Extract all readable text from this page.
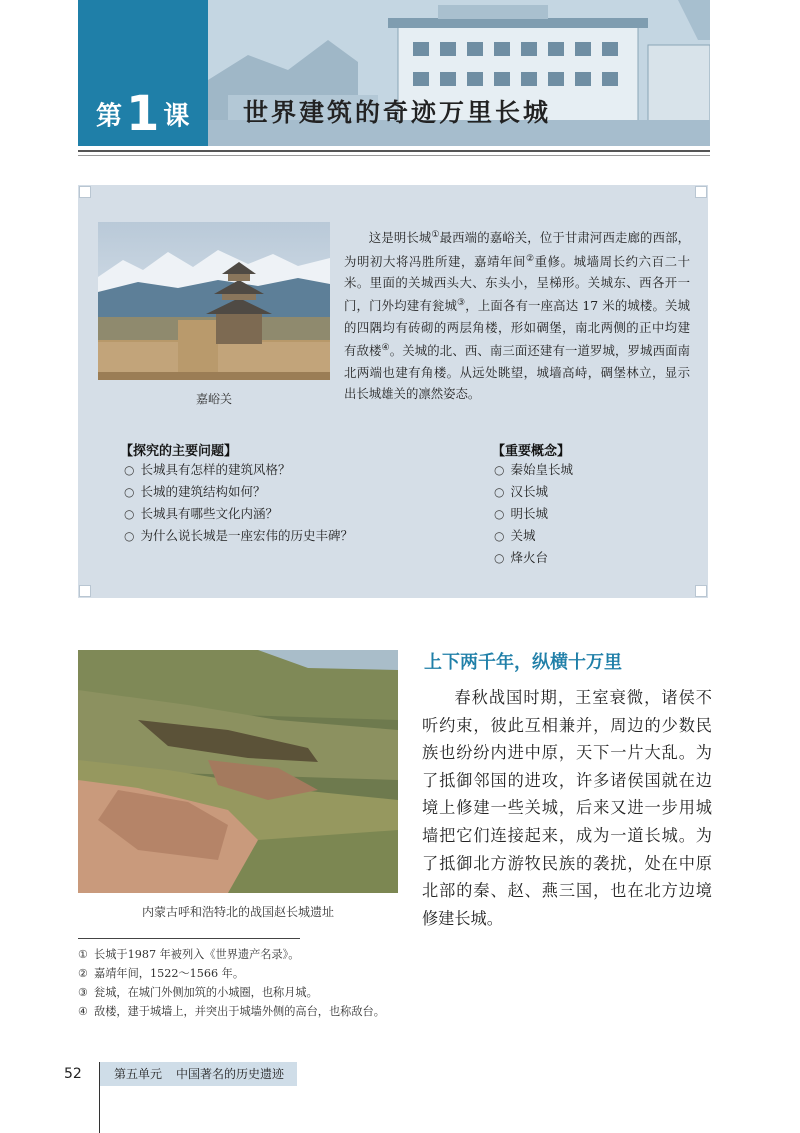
第1 课 世界建筑的奇迹万里长城
嘉峪关

这是明长城①最西端的嘉峪关，位于甘肃河西走廊的西部，为明初大将冯胜所建，嘉靖年间②重修。城墙周长约六百二十米。里面的关城西头大、东头小，呈梯形。关城东、西各开一门，门外均建有瓮城③，上面各有一座高达 17 米的城楼。关城的四隅均有砖砌的两层角楼，形如碉堡，南北两侧的正中均建有敌楼④。关城的北、西、南三面还建有一道罗城，罗城西面南北两端也建有角楼。从远处眺望，城墙高峙，碉堡林立，显示出长城雄关的凛然姿态。

【探究的主要问题】
○ 长城具有怎样的建筑风格？
○ 长城的建筑结构如何？
○ 长城具有哪些文化内涵？
○ 为什么说长城是一座宏伟的历史丰碑？
【重要概念】
○ 秦始皇长城
○ 汉长城
○ 明长城
○ 关城
○ 烽火台
内蒙古呼和浩特北的战国赵长城遗址
上下两千年，纵横十万里

春秋战国时期，王室衰微，诸侯不听约束，彼此互相兼并，周边的少数民族也纷纷内进中原，天下一片大乱。为了抵御邻国的进攻，许多诸侯国就在边境上修建一些关城，后来又进一步用城墙把它们连接起来，成为一道长城。为了抵御北方游牧民族的袭扰，处在中原北部的秦、赵、燕三国，也在北方边境修建长城。

① 长城于1987 年被列入《世界遗产名录》。
② 嘉靖年间，1522～1566 年。
③ 瓮城，在城门外侧加筑的小城圈，也称月城。
④ 敌楼，建于城墙上，并突出于城墙外侧的高台，也称敌台。
52	第五单元 中国著名的历史遗迹
